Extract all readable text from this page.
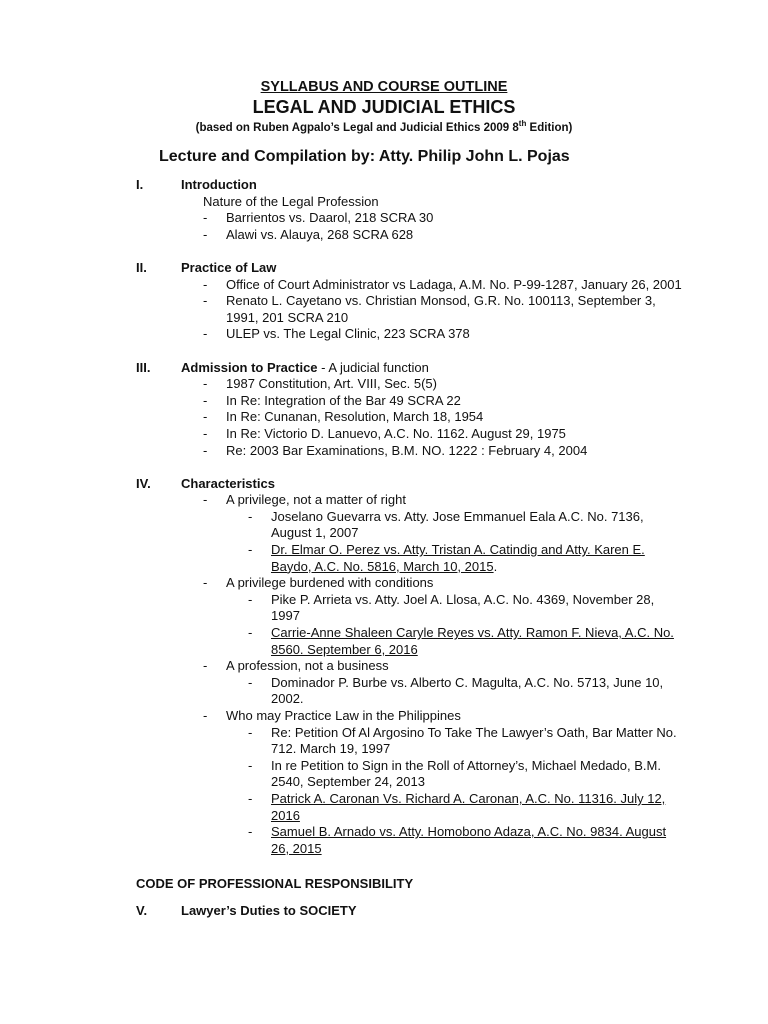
SYLLABUS AND COURSE OUTLINE
LEGAL AND JUDICIAL ETHICS
(based on Ruben Agpalo’s Legal and Judicial Ethics 2009 8th Edition)
Lecture and Compilation by: Atty. Philip John L. Pojas
I.	Introduction
Nature of the Legal Profession
- Barrientos vs. Daarol, 218 SCRA 30
- Alawi vs. Alauya, 268 SCRA 628
II.	Practice of Law
- Office of Court Administrator vs Ladaga, A.M. No. P-99-1287, January 26, 2001
- Renato L. Cayetano vs. Christian Monsod, G.R. No. 100113, September 3, 1991, 201 SCRA 210
- ULEP vs. The Legal Clinic, 223 SCRA 378
III. Admission to Practice - A judicial function
- 1987 Constitution, Art. VIII, Sec. 5(5)
- In Re: Integration of the Bar 49 SCRA 22
- In Re: Cunanan, Resolution, March 18, 1954
- In Re: Victorio D. Lanuevo, A.C. No. 1162. August 29, 1975
- Re: 2003 Bar Examinations, B.M. NO. 1222 : February 4, 2004
IV. Characteristics
- A privilege, not a matter of right
- Joselano Guevarra vs. Atty. Jose Emmanuel Eala A.C. No. 7136, August 1, 2007
- Dr. Elmar O. Perez vs. Atty. Tristan A. Catindig and Atty. Karen E. Baydo, A.C. No. 5816, March 10, 2015.
- A privilege burdened with conditions
- Pike P. Arrieta vs. Atty. Joel A. Llosa, A.C. No. 4369, November 28, 1997
- Carrie-Anne Shaleen Caryle Reyes vs. Atty. Ramon F. Nieva, A.C. No. 8560. September 6, 2016
- A profession, not a business
- Dominador P. Burbe vs. Alberto C. Magulta, A.C. No. 5713, June 10, 2002.
- Who may Practice Law in the Philippines
- Re: Petition Of Al Argosino To Take The Lawyer’s Oath, Bar Matter No. 712. March 19, 1997
- In re Petition to Sign in the Roll of Attorney’s, Michael Medado, B.M. 2540, September 24, 2013
- Patrick A. Caronan Vs. Richard A. Caronan, A.C. No. 11316. July 12, 2016
- Samuel B. Arnado vs. Atty. Homobono Adaza, A.C. No. 9834. August 26, 2015
CODE OF PROFESSIONAL RESPONSIBILITY
V.	Lawyer’s Duties to SOCIETY
